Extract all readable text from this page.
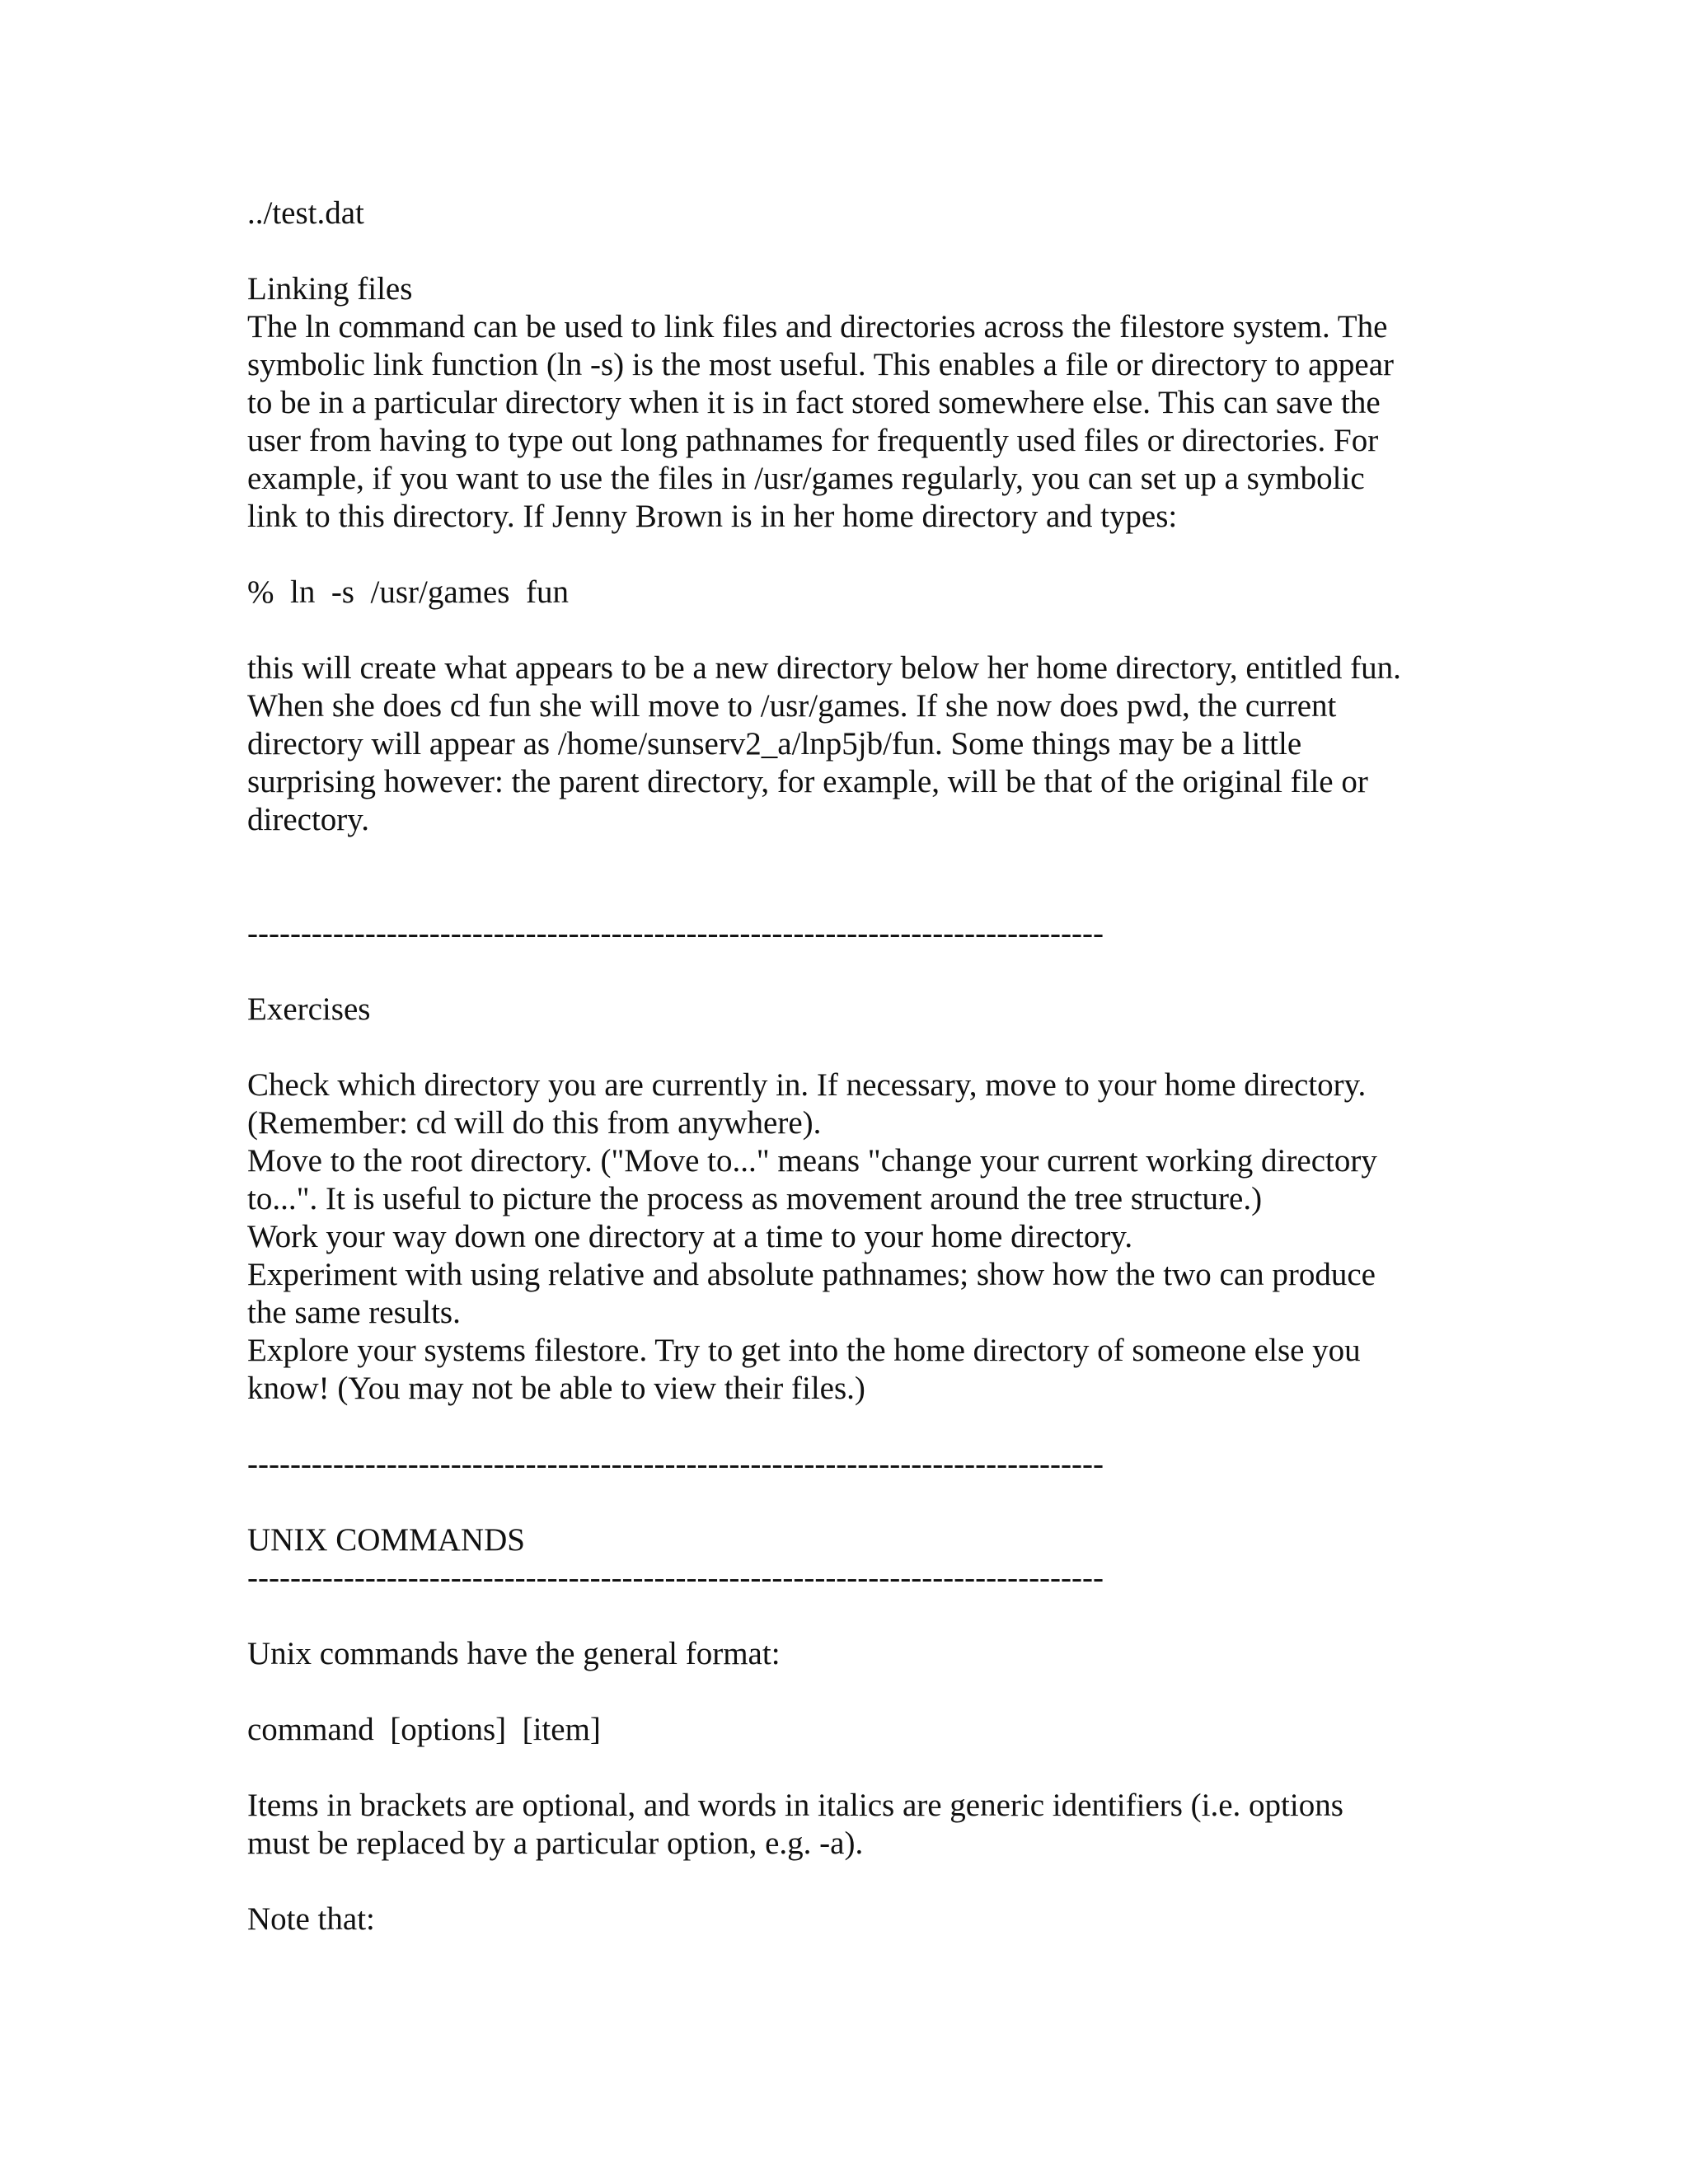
../test.dat

Linking files

The ln command can be used to link files and directories across the filestore system. The

symbolic link function (ln -s) is the most useful. This enables a file or directory to appear

to be in a particular directory when it is in fact stored somewhere else. This can save the

user from having to type out long pathnames for frequently used files or directories. For

example, if you want to use the files in /usr/games regularly, you can set up a symbolic

link to this directory. If Jenny Brown is in her home directory and types:

%  ln  -s  /usr/games  fun

this will create what appears to be a new directory below her home directory, entitled fun.

When she does cd fun she will move to /usr/games. If she now does pwd, the current

directory will appear as /home/sunserv2_a/lnp5jb/fun. Some things may be a little

surprising however: the parent directory, for example, will be that of the original file or

directory.

--------------------------------------------------------------------------------

Exercises

Check which directory you are currently in. If necessary, move to your home directory.

(Remember: cd will do this from anywhere).

Move to the root directory. ("Move to..." means "change your current working directory

to...". It is useful to picture the process as movement around the tree structure.)

Work your way down one directory at a time to your home directory.

Experiment with using relative and absolute pathnames; show how the two can produce

the same results.

Explore your systems filestore. Try to get into the home directory of someone else you

know! (You may not be able to view their files.)

--------------------------------------------------------------------------------

UNIX COMMANDS

--------------------------------------------------------------------------------

Unix commands have the general format:

command  [options]  [item]

Items in brackets are optional, and words in italics are generic identifiers (i.e. options

must be replaced by a particular option, e.g. -a).

Note that:
